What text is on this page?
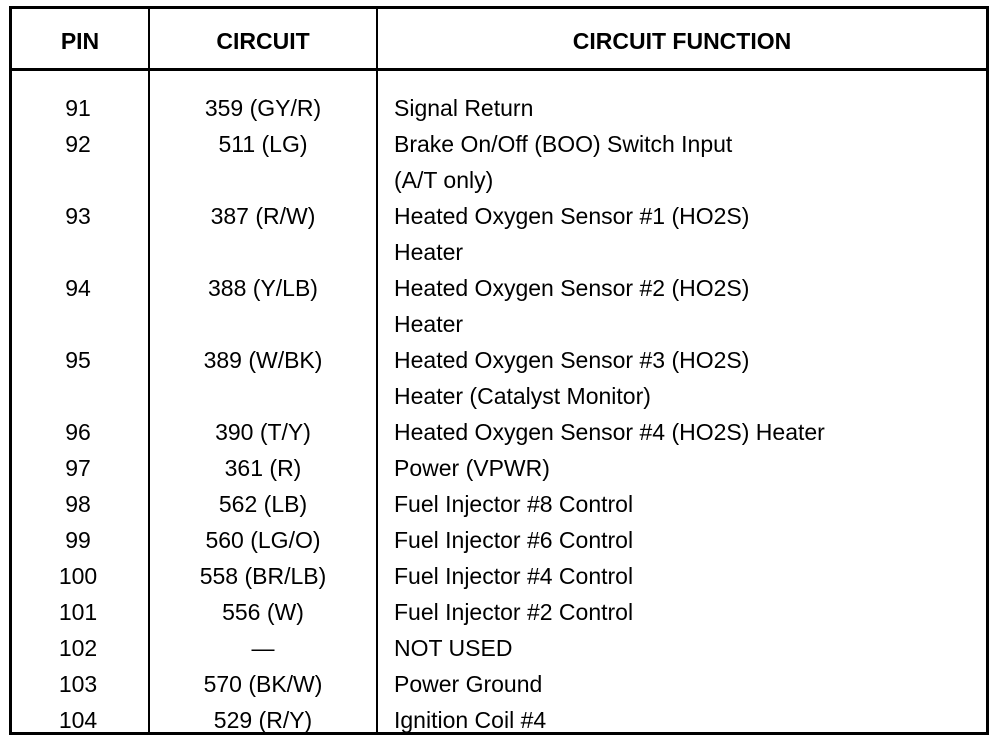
PIN	CIRCUIT	CIRCUIT FUNCTION
91	359 (GY/R)	Signal Return
92	511 (LG)	Brake On/Off (BOO) Switch Input
(A/T only)
93	387 (R/W)	Heated Oxygen Sensor #1 (HO2S)
Heater
94	388 (Y/LB)	Heated Oxygen Sensor #2 (HO2S)
Heater
95	389 (W/BK)	Heated Oxygen Sensor #3 (HO2S)
Heater (Catalyst Monitor)
96	390 (T/Y)	Heated Oxygen Sensor #4 (HO2S) Heater
97	361 (R)	Power (VPWR)
98	562 (LB)	Fuel Injector #8 Control
99	560 (LG/O)	Fuel Injector #6 Control
100	558 (BR/LB)	Fuel Injector #4 Control
101	556 (W)	Fuel Injector #2 Control
102	—	NOT USED
103	570 (BK/W)	Power Ground
104	529 (R/Y)	Ignition Coil #4
